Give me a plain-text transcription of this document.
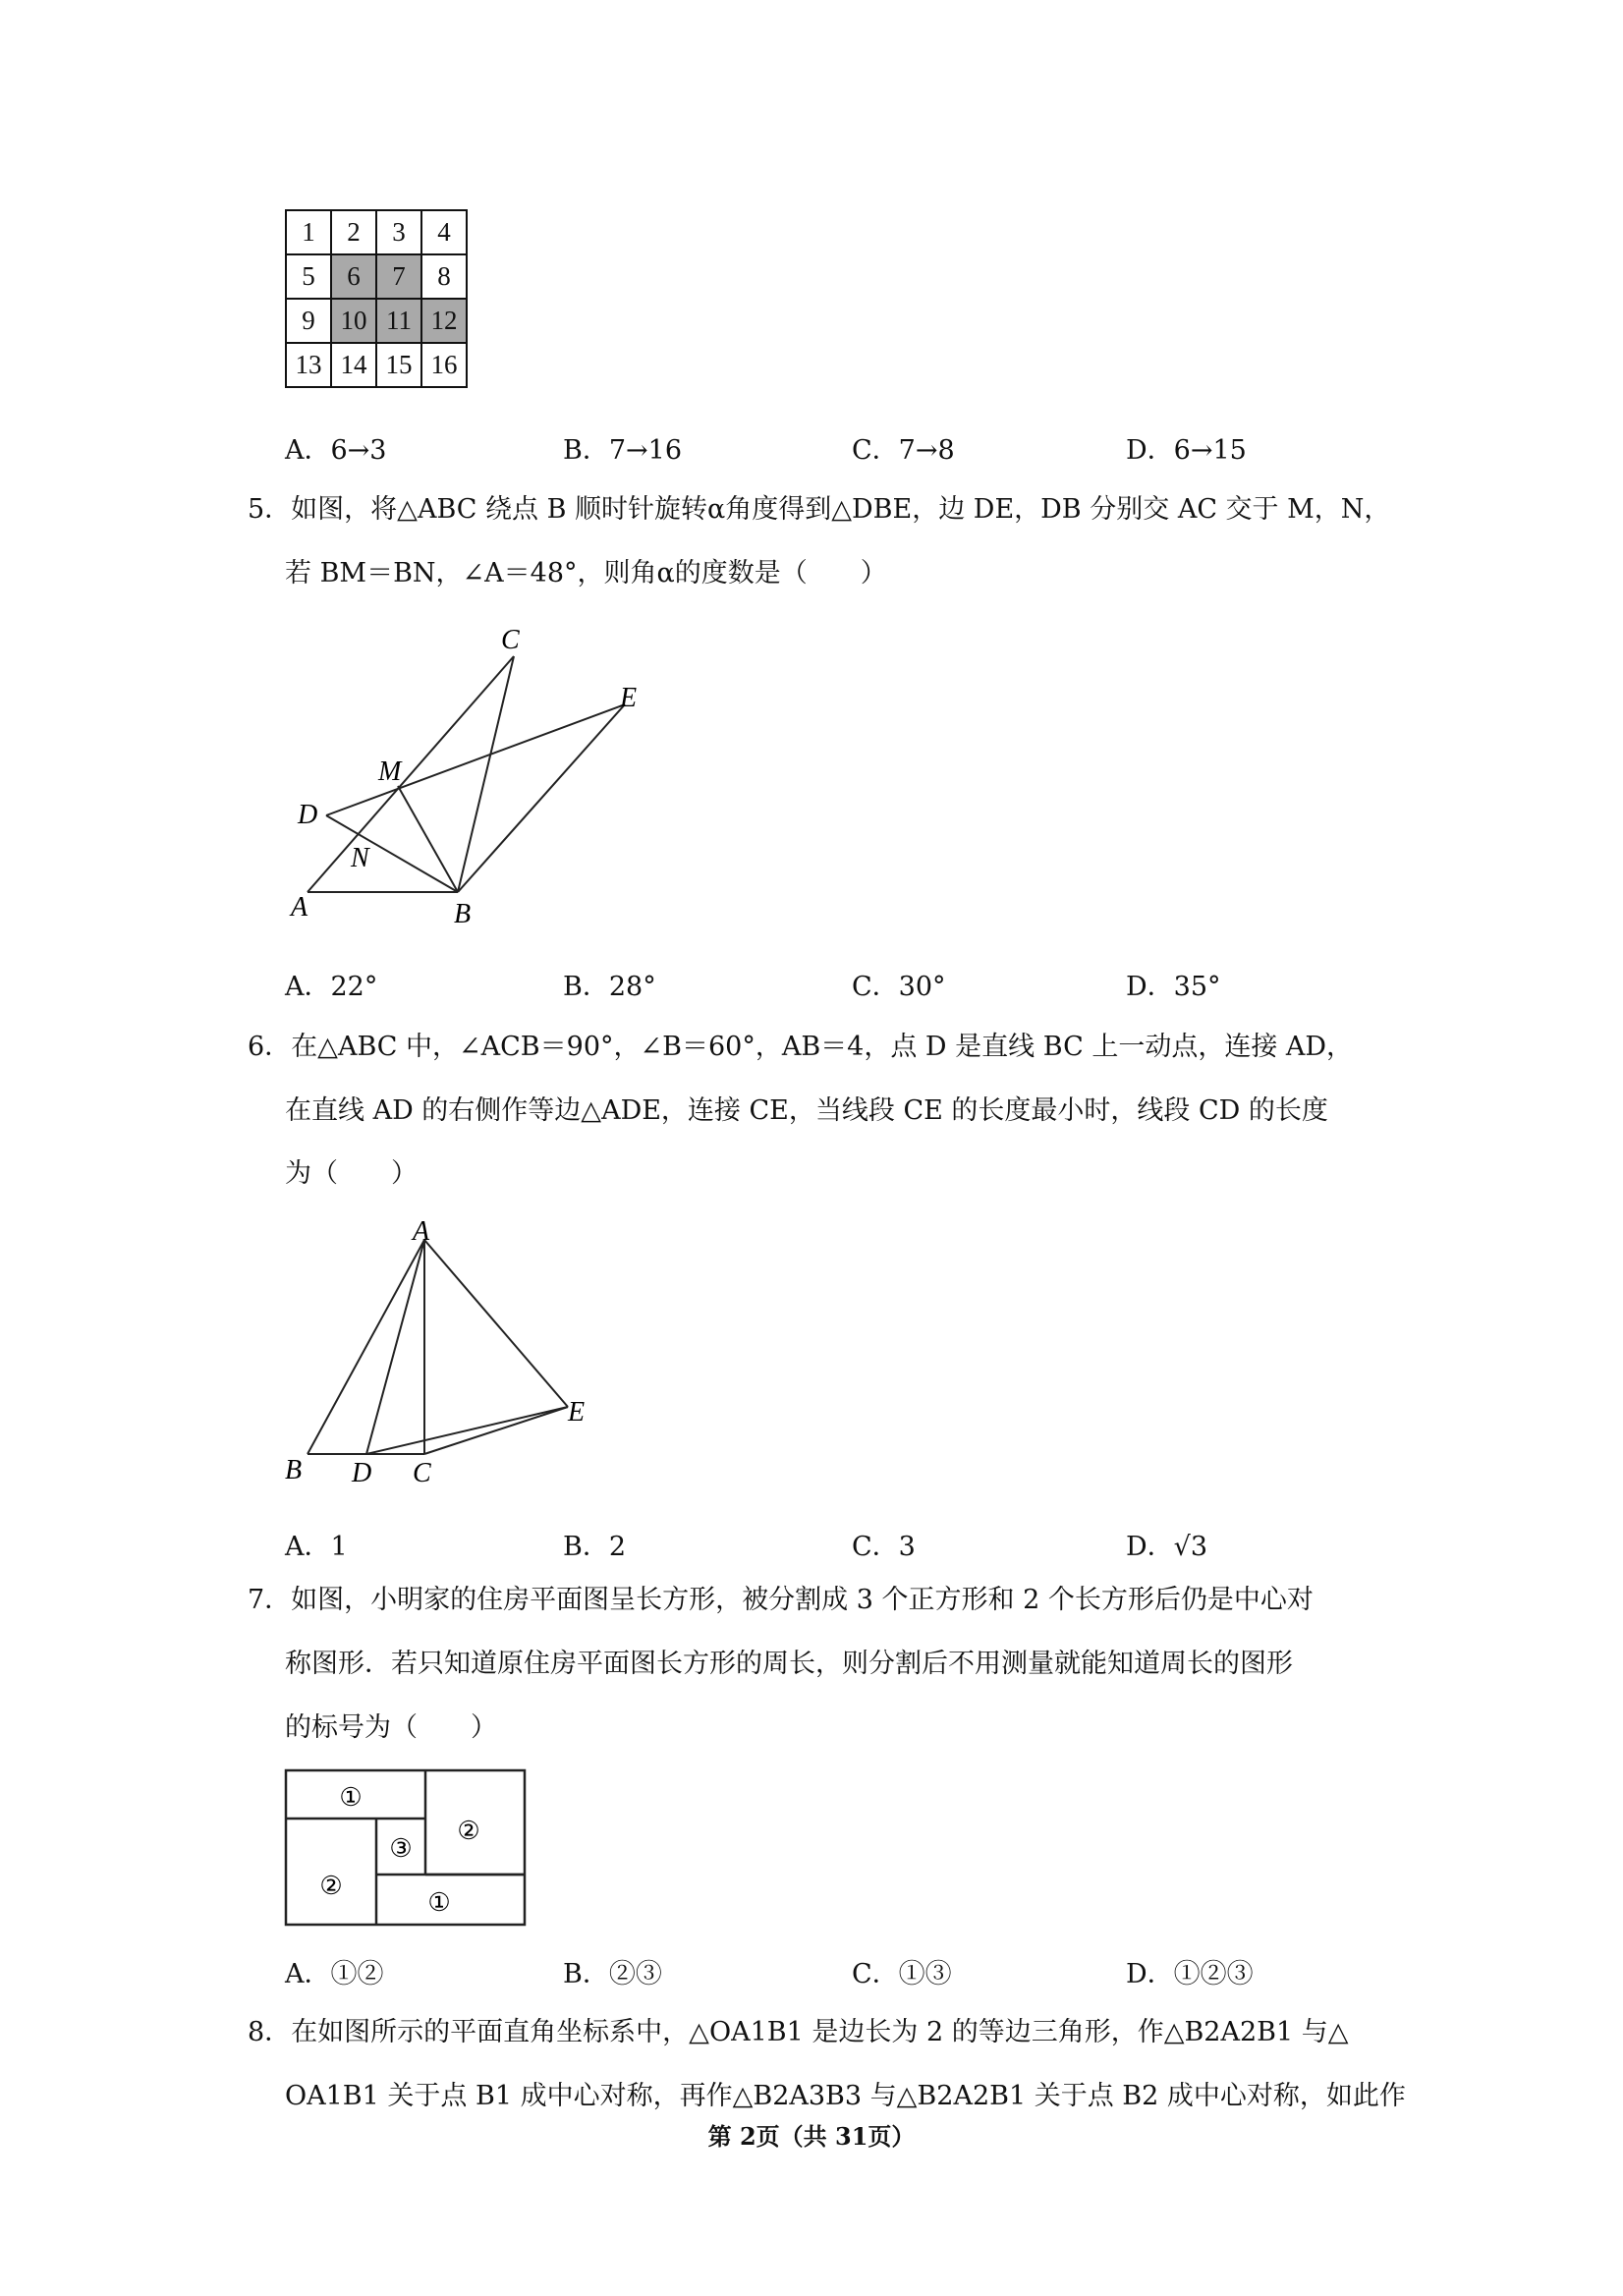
1	2	3	4
5	6	7	8
9	10	11	12
13	14	15	16
A．6→3	B．7→16	C．7→8	D．6→15
5．如图，将△ABC 绕点 B 顺时针旋转α角度得到△DBE，边 DE，DB 分别交 AC 交于 M，N，
若 BM＝BN，∠A＝48°，则角α的度数是（　　）
C
E
M
D
N
A	B
A
E
B D C
①
②
③
②
①
A．22°	B．28°	C．30°	D．35°
6．在△ABC 中，∠ACB＝90°，∠B＝60°，AB＝4，点 D 是直线 BC 上一动点，连接 AD，
在直线 AD 的右侧作等边△ADE，连接 CE，当线段 CE 的长度最小时，线段 CD 的长度
为（　　）
A．1	B．2	C．3	D．√3
7．如图，小明家的住房平面图呈长方形，被分割成 3 个正方形和 2 个长方形后仍是中心对
称图形．若只知道原住房平面图长方形的周长，则分割后不用测量就能知道周长的图形
的标号为（　　）
A．①②	B．②③	C．①③	D．①②③
8．在如图所示的平面直角坐标系中，△OA1B1 是边长为 2 的等边三角形，作△B2A2B1 与△
OA1B1 关于点 B1 成中心对称，再作△B2A3B3 与△B2A2B1 关于点 B2 成中心对称，如此作
第 2页（共 31页）
